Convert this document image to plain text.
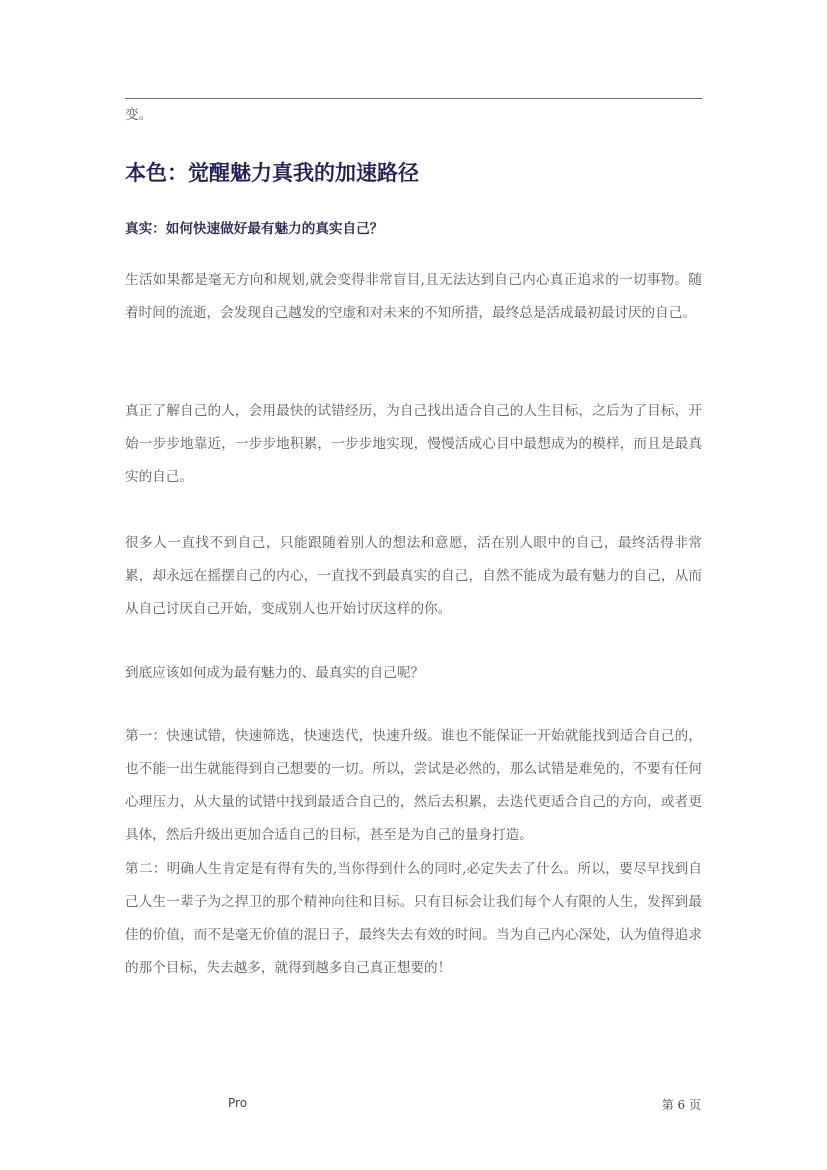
变。

本色：觉醒魅力真我的加速路径
真实：如何快速做好最有魅力的真实自己？

生活如果都是毫无方向和规划,就会变得非常盲目,且无法达到自己内心真正追求的一切事物。随着时间的流逝，会发现自己越发的空虚和对未来的不知所措，最终总是活成最初最讨厌的自己。

真正了解自己的人，会用最快的试错经历，为自己找出适合自己的人生目标，之后为了目标，开始一步步地靠近，一步步地积累，一步步地实现，慢慢活成心目中最想成为的模样，而且是最真实的自己。

很多人一直找不到自己，只能跟随着别人的想法和意愿，活在别人眼中的自己，最终活得非常累，却永远在摇摆自己的内心，一直找不到最真实的自己，自然不能成为最有魅力的自己，从而从自己讨厌自己开始，变成别人也开始讨厌这样的你。

到底应该如何成为最有魅力的、最真实的自己呢？

第一：快速试错，快速筛选，快速迭代，快速升级。谁也不能保证一开始就能找到适合自己的，也不能一出生就能得到自己想要的一切。所以，尝试是必然的，那么试错是难免的，不要有任何心理压力，从大量的试错中找到最适合自己的，然后去积累，去迭代更适合自己的方向，或者更具体，然后升级出更加合适自己的目标，甚至是为自己的量身打造。

第二：明确人生肯定是有得有失的,当你得到什么的同时,必定失去了什么。所以，要尽早找到自己人生一辈子为之捍卫的那个精神向往和目标。只有目标会让我们每个人有限的人生，发挥到最佳的价值，而不是毫无价值的混日子，最终失去有效的时间。当为自己内心深处，认为值得追求的那个目标，失去越多，就得到越多自己真正想要的！

Pro	第 6 页
